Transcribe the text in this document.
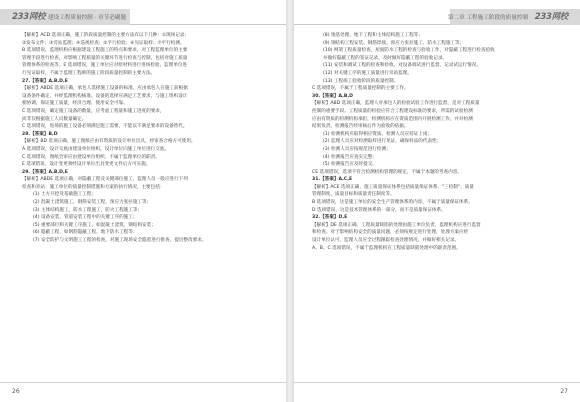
233网校 建设工程质量控制 · 章节必刷题

【解析】ACD 选项正确，施工阶段质量控制的主要方法有以下几种：①现场记录；

②发布文件；③旁站监理；④巡视检查；⑤平行检验；⑥见证取样；⑦平行检测。

B 选项错误，监理机构应根据建设工程施工的特点和要求，对工程监理单位的主要

管理手段进行检查，对影响工程质量的关键环节进行检查与控制，包括对施工质量

管理体系的检查等。E 选项错误，施工单位应对原材料进行进场检验，监理单位进

行见证取样，不属于监理工程师的施工阶段质量控制的主要方法。

27.【答案】A,B,D,E

【解析】ABDE 选项正确，承包人选择施工设备的标准，应由承包人在施工前根据

设备条件确定，并经监理机构核准。设备的选择应满足工艺要求，与施工组织设计

相协调，保证施工质量，经济合理、使用安全可靠。

C 选项错误，确定施工设备的数量，应考虑工程量和施工进度的要求，

而非仅根据施工人员数量确定。

C 选项错误，进场的施工设备必须满足施工需要，不能以不满足要求的设备替代。

28.【答案】B,D

【解析】BD 选项正确，施工图纸应由有资质的设计单位出具，经审查合格方可使用。

A 选项错误，设计交底由建设单位组织，设计单位向施工单位进行交底。

C 选项错误，图纸会审应由建设单位组织，不属于监理单位的职责。

E 选项错误，设计变更须经设计单位出具变更文件后方可实施。

29.【答案】A,B,D,E

【解析】ABDE 选项正确，对隐蔽工程及关键部位施工，监理人员一般应进行下列

检查和旁站：施工单位的质量控制措施和方案的执行情况，主要包括：

(1) 土方开挖及基础施工工程；

(2) 混凝土浇筑施工，钢筋安装工程，预应力张拉施工等；

(3) 主体结构施工，防水工程施工，防火工程施工等；

(4) 设备安装，管道安装工程中的关键工序的施工；

(5) 重要部位和关键工序施工，如混凝土浇筑、钢结构安装；

(6) 隐蔽工程，如钢筋隐蔽工程，地下防水工程等；

(7) 安全防护与文明施工工程的检查，对施工现场安全隐患进行排查，提出整改要求。

26
233网校
第二章 工程施工阶段的质量控制

(8) 地基处理，地下工程和主体结构施工工程等；

(9) 钢结构工程安装、钢筋焊接、预应力张拉施工、防水工程施工等；

(10) 网架工程质量检查，屋面防水工程的检查与验收工作，对隐蔽工程进行检查验收

并做好隐蔽工程的签证记录，及时做好隐蔽工程的验收记录。

(11) 安装和调试工程的检查和验收，对设备调试进行监督，记录试运行情况。

(12) 对关键工序的施工质量进行旁站监理。

(13) 工程竣工验收阶段的质量控制。

C 选项错误，不属于工程质量控制的主要工作。

30.【答案】A,B,D

【解析】ABD 选项正确，监理人对承包人的检验试验工作进行监督，是对工程质量

控制的重要手段。工程质量的检验应符合工程建设标准的要求，所需的试验检测

应由有资质的检测机构承担，检测机构应在资质范围内开展检测工作，并对检测

结果负责。检测报告经审核后作为验收的依据。

(1) 检测机构应取得相应资质，检测人员应持证上岗；

(2) 监理人员应对检测取样进行见证，确保样品的代表性；

(3) 检测人员应按规范进行检测；

(4) 检测报告应真实完整；

(5) 检测报告应及时提交。

CE 选项错误，选项不符合检测机构管理的规定，不属于本题的考查内容。

31.【答案】A,C,E

【解析】ACE 选项正确，施工质量保证体系包括质量保证体系、"三检制"、质量

管理制度、质量目标和质量责任制度等。

B 选项错误，这是施工单位的安全生产管理体系的内容，不属于质量保证体系。

D 选项错误，这是技术管理体系的一部分，而不是质量保证体系。

32.【答案】D,E

【解析】DE 选项正确，工程质量缺陷的处理由施工单位负责，监理机构应进行监督

和检查。对于影响结构安全的质量问题，必须按规定进行处理，处理方案应经

设计单位认可，监理人员应全过程跟踪检查处理情况，并做好相关记录。

A、B、C 选项错误，不属于监理机构在工程质量缺陷处理中的职责范围。

27
